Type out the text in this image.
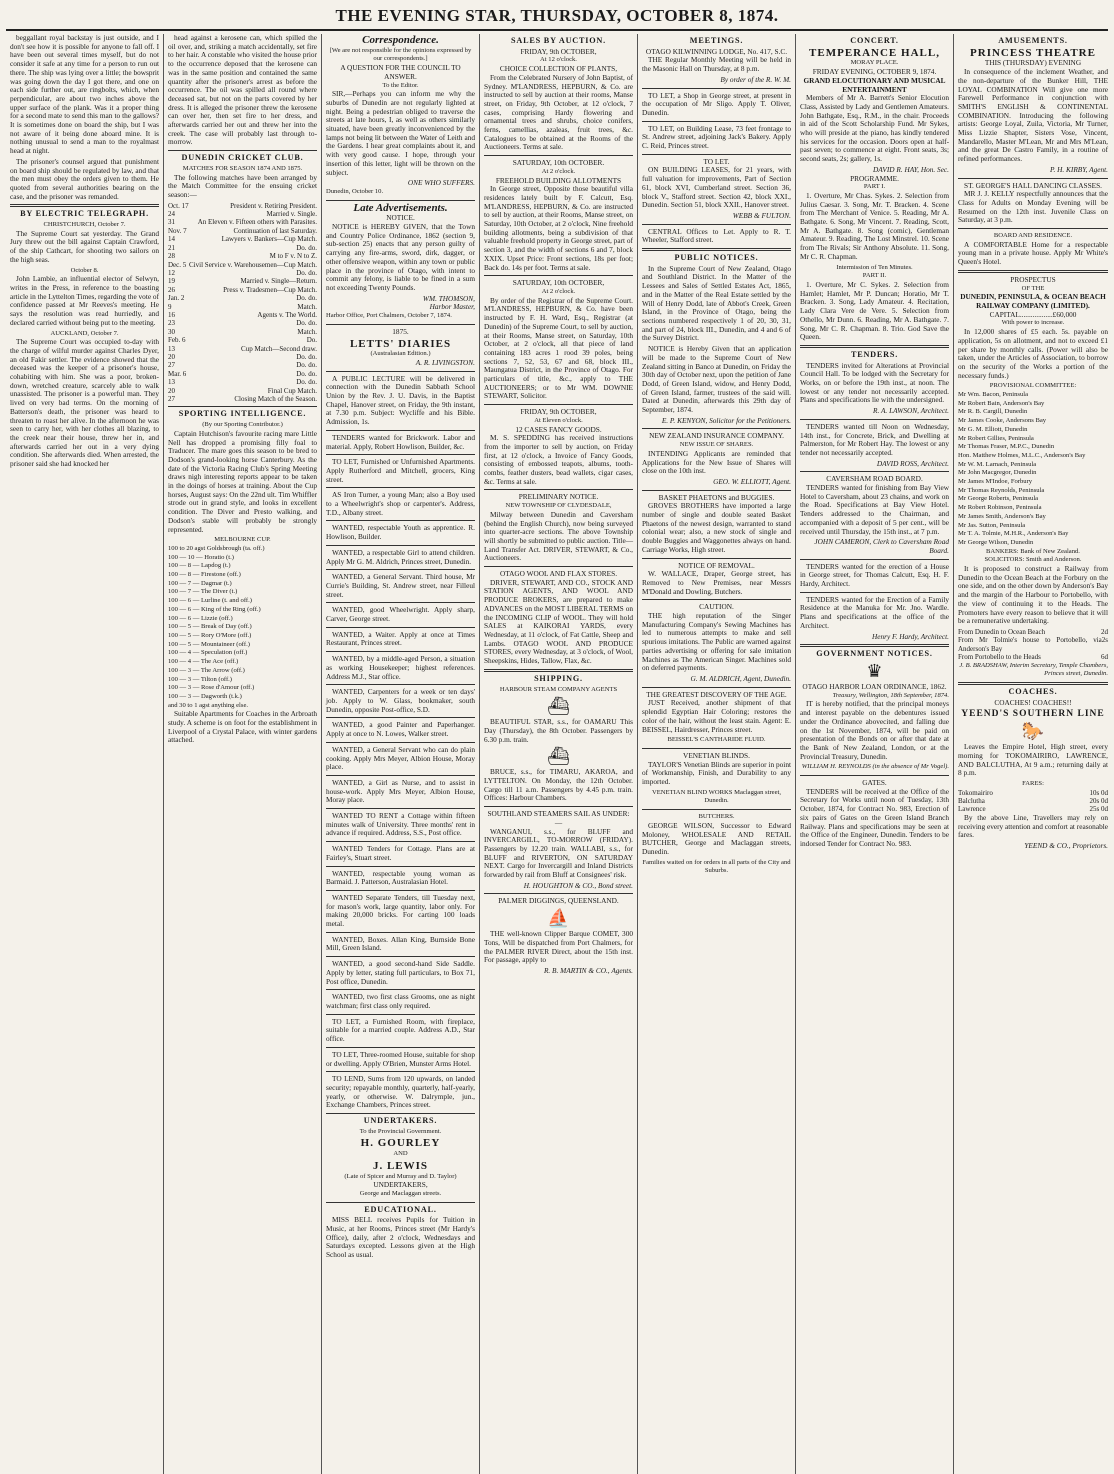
THE EVENING STAR, THURSDAY, OCTOBER 8, 1874.

beggallant royal backstay is just outside, and I don't see how it is possible for anyone to fall off. I have been out several times myself, but do not consider it safe at any time for a person to run out there. The ship was lying over a little; the bowsprit was going down the day I got there, and one on each side further out, are ringbolts, which, when perpendicular, are about two inches above the upper surface of the plank. Was it a proper thing for a second mate to send this man to the gallows? It is sometimes done on board the ship, but I was not aware of it being done aboard mine. It is nothing unusual to send a man to the royalmast head at night.

The prisoner's counsel argued that punishment on board ship should be regulated by law, and that the men must obey the orders given to them. He quoted from several authorities bearing on the case, and the prisoner was remanded.

BY ELECTRIC TELEGRAPH.
CHRISTCHURCH, October 7.

The Supreme Court sat yesterday. The Grand Jury threw out the bill against Captain Crawford, of the ship Cathcart, for shooting two sailors on the high seas.

October 8.

John Lambie, an influential elector of Selwyn, writes in the Press, in reference to the boasting article in the Lyttelton Times, regarding the vote of confidence passed at Mr Reeves's meeting. He says the resolution was read hurriedly, and declared carried without being put to the meeting.

AUCKLAND, October 7.

The Supreme Court was occupied to-day with the charge of wilful murder against Charles Dyer, an old Fakir settler. The evidence showed that the deceased was the keeper of a prisoner's house, cohabiting with him. She was a poor, broken-down, wretched creature, scarcely able to walk unassisted. The prisoner is a powerful man. They lived on very bad terms. On the morning of Batterson's death, the prisoner was heard to threaten to roast her alive. In the afternoon he was seen to carry her, with her clothes all blazing, to the creek near their house, threw her in, and afterwards carried her out in a very dying condition. She afterwards died. When arrested, the prisoner said she had knocked her

head against a kerosene can, which spilled the oil over, and, striking a match accidentally, set fire to her hair. A constable who visited the house prior to the occurrence deposed that the kerosene can was in the same position and contained the same quantity after the prisoner's arrest as before the occurrence. The oil was spilled all round where deceased sat, but not on the parts covered by her dress. It is alleged the prisoner threw the kerosene can over her, then set fire to her dress, and afterwards carried her out and threw her into the creek. The case will probably last through to-morrow.

DUNEDIN CRICKET CLUB.
MATCHES FOR SEASON 1874 AND 1875.

The following matches have been arranged by the Match Committee for the ensuing cricket season:—

Oct. 17	President v. Retiring President.
24	Married v. Single.
31	An Eleven v. Fifteen others with Parasites.
Nov. 7	Continuation of last Saturday.
14	Lawyers v. Bankers—Cup Match.
21	Do. do.
28	M to F v. N to Z.
Dec. 5 Civil Service v. Warehousemen—Cup Match.
12	Do. do.
19	Married v. Single—Return.
26	Press v. Tradesmen—Cup Match.
Jan. 2	Do. do.
9	Match.
16	Agents v. The World.
23	Do. do.
30	Match.
Feb. 6	Do.
13	Cup Match—Second draw.
20	Do. do.
27	Do. do.
Mar. 6	Do. do.
13	Do. do.
20	Final Cup Match.
27	Closing Match of the Season.
SPORTING INTELLIGENCE.
(By our Sporting Contributor.)

Captain Hutchison's favourite racing mare Little Nell has dropped a promising filly foal to Traducer. The mare goes this season to be bred to Dodson's grand-looking horse Canterbury. As the date of the Victoria Racing Club's Spring Meeting draws nigh interesting reports appear to be taken in the doings of horses at training. About the Cup horses, August says: On the 22nd ult. Tim Whiffler strode out in grand style, and looks in excellent condition. The Diver and Presto walking, and Dodson's stable will probably be strongly represented.

MELBOURNE CUP.
100 to 20 agst Goldsbrough (ta. off.)
100 — 10 — Horatio (t.)
100 — 8 — Lapdog (t.)
100 — 8 — Firestone (off.)
100 — 7 — Dagmar (t.)
100 — 7 — The Diver (t.)
100 — 6 — Lurline (t. and off.)
100 — 6 — King of the Ring (off.)
100 — 6 — Lizzie (off.)
100 — 5 — Break of Day (off.)
100 — 5 — Rory O'More (off.)
100 — 5 — Mountaineer (off.)
100 — 4 — Speculation (off.)
100 — 4 — The Ace (off.)
100 — 3 — The Arrow (off.)
100 — 3 — Tilton (off.)
100 — 3 — Rose d'Amour (off.)
100 — 3 — Dagworth (t.k.)
and 30 to 1 agst anything else.

Suitable Apartments for Coaches in the Arbroath study. A scheme is on foot for the establishment in Liverpool of a Crystal Palace, with winter gardens attached.

Correspondence.
[We are not responsible for the opinions expressed by our correspondents.]
A QUESTION FOR THE COUNCIL TO ANSWER.
To the Editor.

SIR,—Perhaps you can inform me why the suburbs of Dunedin are not regularly lighted at night. Being a pedestrian obliged to traverse the streets at late hours, I, as well as others similarly situated, have been greatly inconvenienced by the lamps not being lit between the Water of Leith and the Gardens. I hear great complaints about it, and with very good cause. I hope, through your insertion of this letter, light will be thrown on the subject.

ONE WHO SUFFERS.
Dunedin, October 10.
Late Advertisements.
NOTICE.

NOTICE is HEREBY GIVEN, that the Town and Country Police Ordinance, 1862 (section 9, sub-section 25) enacts that any person guilty of carrying any fire-arms, sword, dirk, dagger, or other offensive weapon, within any town or public place in the province of Otago, with intent to commit any felony, is liable to be fined in a sum not exceeding Twenty Pounds.

WM. THOMSON,
Harbor Master,
Harbor Office, Port Chalmers, October 7, 1874.
1875.
LETTS' DIARIES
(Australasian Edition.)
A. R. LIVINGSTON.

A PUBLIC LECTURE will be delivered in connection with the Dunedin Sabbath School Union by the Rev. J. U. Davis, in the Baptist Chapel, Hanover street, on Friday, the 9th instant, at 7.30 p.m. Subject: Wycliffe and his Bible. Admission, 1s.

TENDERS wanted for Brickwork. Labor and material. Apply, Robert Howlison, Builder, &c.

TO LET, Furnished or Unfurnished Apartments. Apply Rutherford and Mitchell, grocers, King street.

AS Iron Turner, a young Man; also a Boy used to a Wheelwright's shop or carpenter's. Address, T.D., Albany street.

WANTED, respectable Youth as apprentice. R. Howlison, Builder.

WANTED, a respectable Girl to attend children. Apply Mr G. M. Aldrich, Princes street, Dunedin.

WANTED, a General Servant. Third house, Mr Currie's Building, St. Andrew street, near Filleul street.

WANTED, good Wheelwright. Apply sharp, Carver, George street.

WANTED, a Waiter. Apply at once at Times Restaurant, Princes street.

WANTED, by a middle-aged Person, a situation as working Housekeeper; highest references. Address M.J., Star office.

WANTED, Carpenters for a week or ten days' job. Apply to W. Glass, bookmaker, south Dunedin, opposite Post-office, S.D.

WANTED, a good Painter and Paperhanger. Apply at once to N. Lowes, Walker street.

WANTED, a General Servant who can do plain cooking. Apply Mrs Meyer, Albion House, Moray place.

WANTED, a Girl as Nurse, and to assist in house-work. Apply Mrs Meyer, Albion House, Moray place.

WANTED TO RENT a Cottage within fifteen minutes walk of University. Three months' rent in advance if required. Address, S.S., Post office.

WANTED Tenders for Cottage. Plans are at Fairley's, Stuart street.

WANTED, respectable young woman as Barmaid. J. Patterson, Australasian Hotel.

WANTED Separate Tenders, till Tuesday next, for mason's work, large quantity, labor only. For making 20,000 bricks. For carting 100 loads metal.

WANTED, Boxes. Allan King, Burnside Bone Mill, Green Island.

WANTED, a good second-hand Side Saddle. Apply by letter, stating full particulars, to Box 71, Post office, Dunedin.

WANTED, two first class Grooms, one as night watchman; first class only required.

TO LET, a Furnished Room, with fireplace, suitable for a married couple. Address A.D., Star office.

TO LET, Three-roomed House, suitable for shop or dwelling. Apply O'Brien, Munster Arms Hotel.

TO LEND, Sums from 120 upwards, on landed security; repayable monthly, quarterly, half-yearly, yearly, or otherwise. W. Dalrymple, jun., Exchange Chambers, Princes street.

UNDERTAKERS.
To the Provincial Government.
H. GOURLEY
AND
J. LEWIS
(Late of Spicer and Murray and D. Taylor)
UNDERTAKERS,
George and Maclaggan streets.
EDUCATIONAL.

MISS BELL receives Pupils for Tuition in Music, at her Rooms, Princes street (Mr Hardy's Office), daily, after 2 o'clock, Wednesdays and Saturdays excepted. Lessons given at the High School as usual.

SALES BY AUCTION.
FRIDAY, 9th OCTOBER,
At 12 o'clock.
CHOICE COLLECTION OF PLANTS,

From the Celebrated Nursery of John Baptist, of Sydney. M'LANDRESS, HEPBURN, & Co. are instructed to sell by auction at their rooms, Manse street, on Friday, 9th October, at 12 o'clock, 7 cases, comprising Hardy flowering and ornamental trees and shrubs, choice conifers, ferns, camellias, azaleas, fruit trees, &c. Catalogues to be obtained at the Rooms of the Auctioneers. Terms at sale.

SATURDAY, 10th OCTOBER.
At 2 o'clock.
FREEHOLD BUILDING ALLOTMENTS

In George street, Opposite those beautiful villa residences lately built by F. Calcutt, Esq. M'LANDRESS, HEPBURN, & Co. are instructed to sell by auction, at their Rooms, Manse street, on Saturday, 10th October, at 2 o'clock, Nine freehold building allotments, being a subdivision of that valuable freehold property in George street, part of section 3, and the width of sections 6 and 7, block XXIX. Upset Price: Front sections, 18s per foot; Back do. 14s per foot. Terms at sale.

SATURDAY, 10th OCTOBER,
At 2 o'clock.

By order of the Registrar of the Supreme Court. M'LANDRESS, HEPBURN, & Co. have been instructed by F. H. Ward, Esq., Registrar (at Dunedin) of the Supreme Court, to sell by auction, at their Rooms, Manse street, on Saturday, 10th October, at 2 o'clock, all that piece of land containing 183 acres 1 rood 39 poles, being sections 7, 52, 53, 67 and 68, block III., Maungatua District, in the Province of Otago. For particulars of title, &c., apply to THE AUCTIONEERS; or to Mr WM. DOWNIE STEWART, Solicitor.

FRIDAY, 9th OCTOBER,
At Eleven o'clock.
12 CASES FANCY GOODS.

M. S. SPEDDING has received instructions from the importer to sell by auction, on Friday first, at 12 o'clock, a Invoice of Fancy Goods, consisting of embossed teapots, albums, tooth-combs, feather dusters, bead wallets, cigar cases, &c. Terms at sale.

PRELIMINARY NOTICE.
NEW TOWNSHIP OF CLYDESDALE,

Milway between Dunedin and Caversham (behind the English Church), now being surveyed into quarter-acre sections. The above Township will shortly be submitted to public auction. Title—Land Transfer Act. DRIVER, STEWART, & Co., Auctioneers.

OTAGO WOOL AND FLAX STORES.

DRIVER, STEWART, AND CO., STOCK AND STATION AGENTS, AND WOOL AND PRODUCE BROKERS, are prepared to make ADVANCES on the MOST LIBERAL TERMS on the INCOMING CLIP of WOOL. They will hold SALES at KAIKORAI YARDS, every Wednesday, at 11 o'clock, of Fat Cattle, Sheep and Lambs. OTAGO WOOL AND PRODUCE STORES, every Wednesday, at 3 o'clock, of Wool, Sheepskins, Hides, Tallow, Flax, &c.

SHIPPING.
HARBOUR STEAM COMPANY AGENTS
⛴

BEAUTIFUL STAR, s.s., for OAMARU This Day (Thursday), the 8th October. Passengers by 6.30 p.m. train.

⛴

BRUCE, s.s., for TIMARU, AKAROA, and LYTTELTON. On Monday, the 12th October. Cargo till 11 a.m. Passengers by 4.45 p.m. train. Offices: Harbour Chambers.

SOUTHLAND STEAMERS SAIL AS UNDER:—

WANGANUI, s.s., for BLUFF and INVERCARGILL, TO-MORROW (FRIDAY). Passengers by 12.20 train. WALLABI, s.s., for BLUFF and RIVERTON, ON SATURDAY NEXT. Cargo for Invercargill and Inland Districts forwarded by rail from Bluff at Consignees' risk.

H. HOUGHTON & CO., Bond street.
PALMER DIGGINGS, QUEENSLAND.
⛵

THE well-known Clipper Barque COMET, 300 Tons, Will be dispatched from Port Chalmers, for the PALMER RIVER Direct, about the 15th inst. For passage, apply to

R. B. MARTIN & CO., Agents.
MEETINGS.
OTAGO KILWINNING LODGE, No. 417, S.C.

THE Regular Monthly Meeting will be held in the Masonic Hall on Thursday, at 8 p.m.

By order of the R. W. M.

TO LET, a Shop in George street, at present in the occupation of Mr Sligo. Apply T. Oliver, Dunedin.

TO LET, on Building Lease, 73 feet frontage to St. Andrew street, adjoining Jack's Bakery. Apply C. Reid, Princes street.

TO LET.

ON BUILDING LEASES, for 21 years, with full valuation for improvements, Part of Section 61, block XVI, Cumberland street. Section 36, block V., Stafford street. Section 42, block XXI., Dunedin. Section 51, block XXII., Hanover street.

WEBB & FULTON.

CENTRAL Offices to Let. Apply to R. T. Wheeler, Stafford street.

PUBLIC NOTICES.

In the Supreme Court of New Zealand, Otago and Southland District. In the Matter of the Lessees and Sales of Settled Estates Act, 1865, and in the Matter of the Real Estate settled by the Will of Henry Dodd, late of Abbot's Creek, Green Island, in the Province of Otago, being the sections numbered respectively 1 of 20, 30, 31, and part of 24, block III., Dunedin, and 4 and 6 of the Survey District.

NOTICE is Hereby Given that an application will be made to the Supreme Court of New Zealand sitting in Banco at Dunedin, on Friday the 30th day of October next, upon the petition of Jane Dodd, of Green Island, widow, and Henry Dodd, of Green Island, farmer, trustees of the said will. Dated at Dunedin, afterwards this 29th day of September, 1874.

E. P. KENYON, Solicitor for the Petitioners.
NEW ZEALAND INSURANCE COMPANY.
NEW ISSUE OF SHARES.

INTENDING Applicants are reminded that Applications for the New Issue of Shares will close on the 10th inst.

GEO. W. ELLIOTT, Agent.
BASKET PHAETONS and BUGGIES.

GROVES BROTHERS have imported a large number of single and double seated Basket Phaetons of the newest design, warranted to stand colonial wear; also, a new stock of single and double Buggies and Waggonettes always on hand. Carriage Works, High street.

NOTICE OF REMOVAL.

W. WALLACE, Draper, George street, has Removed to New Premises, near Messrs M'Donald and Dowling, Butchers.

CAUTION.

THE high reputation of the Singer Manufacturing Company's Sewing Machines has led to numerous attempts to make and sell spurious imitations. The Public are warned against parties advertising or offering for sale imitation Machines as The American Singer. Machines sold on deferred payments.

G. M. ALDRICH, Agent, Dunedin.
THE GREATEST DISCOVERY OF THE AGE.

JUST Received, another shipment of that splendid Egyptian Hair Coloring; restores the color of the hair, without the least stain. Agent: E. BEISSEL, Hairdresser, Princes street.

BEISSEL'S CANTHARIDE FLUID.
VENETIAN BLINDS.

TAYLOR'S Venetian Blinds are superior in point of Workmanship, Finish, and Durability to any imported.

VENETIAN BLIND WORKS Maclaggan street, Dunedin.
BUTCHERS.

GEORGE WILSON, Successor to Edward Moloney, WHOLESALE AND RETAIL BUTCHER, George and Maclaggan streets, Dunedin.

Families waited on for orders in all parts of the City and Suburbs.
CONCERT.
TEMPERANCE HALL,
MORAY PLACE.
FRIDAY EVENING, OCTOBER 9, 1874.
GRAND ELOCUTIONARY AND MUSICAL ENTERTAINMENT

Members of Mr A. Barrett's Senior Elocution Class, Assisted by Lady and Gentlemen Amateurs. John Bathgate, Esq., R.M., in the chair. Proceeds in aid of the Scott Scholarship Fund. Mr Sykes, who will preside at the piano, has kindly tendered his services for the occasion. Doors open at half-past seven; to commence at eight. Front seats, 3s; second seats, 2s; gallery, 1s.

DAVID R. HAY, Hon. Sec.
PROGRAMME.
PART I.

1. Overture, Mr Chas. Sykes. 2. Selection from Julius Caesar. 3. Song, Mr. T. Bracken. 4. Scene from The Merchant of Venice. 5. Reading, Mr A. Bathgate. 6. Song, Mr Vincent. 7. Reading, Scott, Mr A. Bathgate. 8. Song (comic), Gentleman Amateur. 9. Reading, The Lost Minstrel. 10. Scene from The Rivals; Sir Anthony Absolute. 11. Song, Mr C. R. Chapman.

Intermission of Ten Minutes.
PART II.

1. Overture, Mr C. Sykes. 2. Selection from Hamlet; Hamlet, Mr P. Duncan; Horatio, Mr T. Bracken. 3. Song, Lady Amateur. 4. Recitation, Lady Clara Vere de Vere. 5. Selection from Othello, Mr Dunn. 6. Reading, Mr A. Bathgate. 7. Song, Mr C. R. Chapman. 8. Trio. God Save the Queen.

TENDERS.

TENDERS invited for Alterations at Provincial Council Hall. To be lodged with the Secretary for Works, on or before the 19th inst., at noon. The lowest or any tender not necessarily accepted. Plans and specifications lie with the undersigned.

R. A. LAWSON, Architect.

TENDERS wanted till Noon on Wednesday, 14th inst., for Concrete, Brick, and Dwelling at Palmerston, for Mr Robert Hay. The lowest or any tender not necessarily accepted.

DAVID ROSS, Architect.
CAVERSHAM ROAD BOARD.

TENDERS wanted for finishing from Bay View Hotel to Caversham, about 23 chains, and work on the Road. Specifications at Bay View Hotel. Tenders addressed to the Chairman, and accompanied with a deposit of 5 per cent., will be received until Thursday, the 15th inst., at 7 p.m.

JOHN CAMERON, Clerk to Caversham Road Board.

TENDERS wanted for the erection of a House in George street, for Thomas Calcutt, Esq. H. F. Hardy, Architect.

TENDERS wanted for the Erection of a Family Residence at the Manuka for Mr. Jno. Wardle. Plans and specifications at the office of the Architect.

Henry F. Hardy, Architect.
GOVERNMENT NOTICES.
♛
OTAGO HARBOR LOAN ORDINANCE, 1862.
Treasury, Wellington, 18th September, 1874.

IT is hereby notified, that the principal moneys and interest payable on the debentures issued under the Ordinance abovecited, and falling due on the 1st November, 1874, will be paid on presentation of the Bonds on or after that date at the Bank of New Zealand, London, or at the Provincial Treasury, Dunedin.

WILLIAM H. REYNOLDS (in the absence of Mr Vogel).
GATES.

TENDERS will be received at the Office of the Secretary for Works until noon of Tuesday, 13th October, 1874, for Contract No. 983, Erection of six pairs of Gates on the Green Island Branch Railway. Plans and specifications may be seen at the Office of the Engineer, Dunedin. Tenders to be indorsed Tender for Contract No. 983.

AMUSEMENTS.
PRINCESS THEATRE
THIS (THURSDAY) EVENING

In consequence of the inclement Weather, and the non-departure of the Bunker Hill, THE LOYAL COMBINATION Will give one more Farewell Performance in conjunction with SMITH'S ENGLISH & CONTINENTAL COMBINATION. Introducing the following artists: George Loyal, Zuila, Victoria, Mr Turner, Miss Lizzie Shapter, Sisters Vose, Vincent, Mandarello, Master M'Lean, Mr and Mrs M'Lean, and the great De Castro Family, in a routine of refined performances.

P. H. KIRBY, Agent.
ST. GEORGE'S HALL DANCING CLASSES.

MR J. J. KELLY respectfully announces that the Class for Adults on Monday Evening will be Resumed on the 12th inst. Juvenile Class on Saturday, at 3 p.m.

BOARD AND RESIDENCE.

A COMFORTABLE Home for a respectable young man in a private house. Apply Mr White's Queen's Hotel.

PROSPECTUS
OF THE
DUNEDIN, PENINSULA, & OCEAN BEACH RAILWAY COMPANY (LIMITED).
CAPITAL..................£60,000
With power to increase.

In 12,000 shares of £5 each. 5s. payable on application, 5s on allotment, and not to exceed £1 per share by monthly calls. (Power will also be taken, under the Articles of Association, to borrow on the security of the Works a portion of the necessary funds.)

PROVISIONAL COMMITTEE:
Mr Wm. Bacon, Peninsula
Mr Robert Bain, Anderson's Bay
Mr R. B. Cargill, Dunedin
Mr James Cooke, Andersons Bay
Mr G. M. Elliott, Dunedin
Mr Robert Gillies, Peninsula
Mr Thomas Fraser, M.P.C., Dunedin
Hon. Matthew Holmes, M.L.C., Anderson's Bay
Mr W. M. Larnach, Peninsula
Mr John Macgregor, Dunedin
Mr James M'Indoe, Forbury
Mr Thomas Reynolds, Peninsula
Mr George Roberts, Peninsula
Mr Robert Robinson, Peninsula
Mr James Smith, Anderson's Bay
Mr Jas. Sutton, Peninsula
Mr T. A. Tolmie, M.H.R., Anderson's Bay
Mr George Wilson, Dunedin
BANKERS: Bank of New Zealand.
SOLICITORS: Smith and Anderson.

It is proposed to construct a Railway from Dunedin to the Ocean Beach at the Forbury on the one side, and on the other down by Anderson's Bay and the margin of the Harbour to Portobello, with the view of continuing it to the Heads. The Promoters have every reason to believe that it will be a remunerative undertaking.

From Dunedin to Ocean Beach	2d
From Mr Tolmie's house to Portobello, via Anderson's Bay
2s
From Portobello to the Heads	6d
J. B. BRADSHAW, Interim Secretary, Temple Chambers, Princes street, Dunedin.
COACHES.
COACHES! COACHES!!
YEEND'S SOUTHERN LINE
🐎

Leaves the Empire Hotel, High street, every morning for TOKOMAIRIRO, LAWRENCE, AND BALCLUTHA, At 9 a.m.; returning daily at 8 p.m.

FARES:
Tokomairiro	10s 0d
Balclutha	20s 0d
Lawrence	25s 0d

By the above Line, Travellers may rely on receiving every attention and comfort at reasonable fares.

YEEND & CO., Proprietors.
